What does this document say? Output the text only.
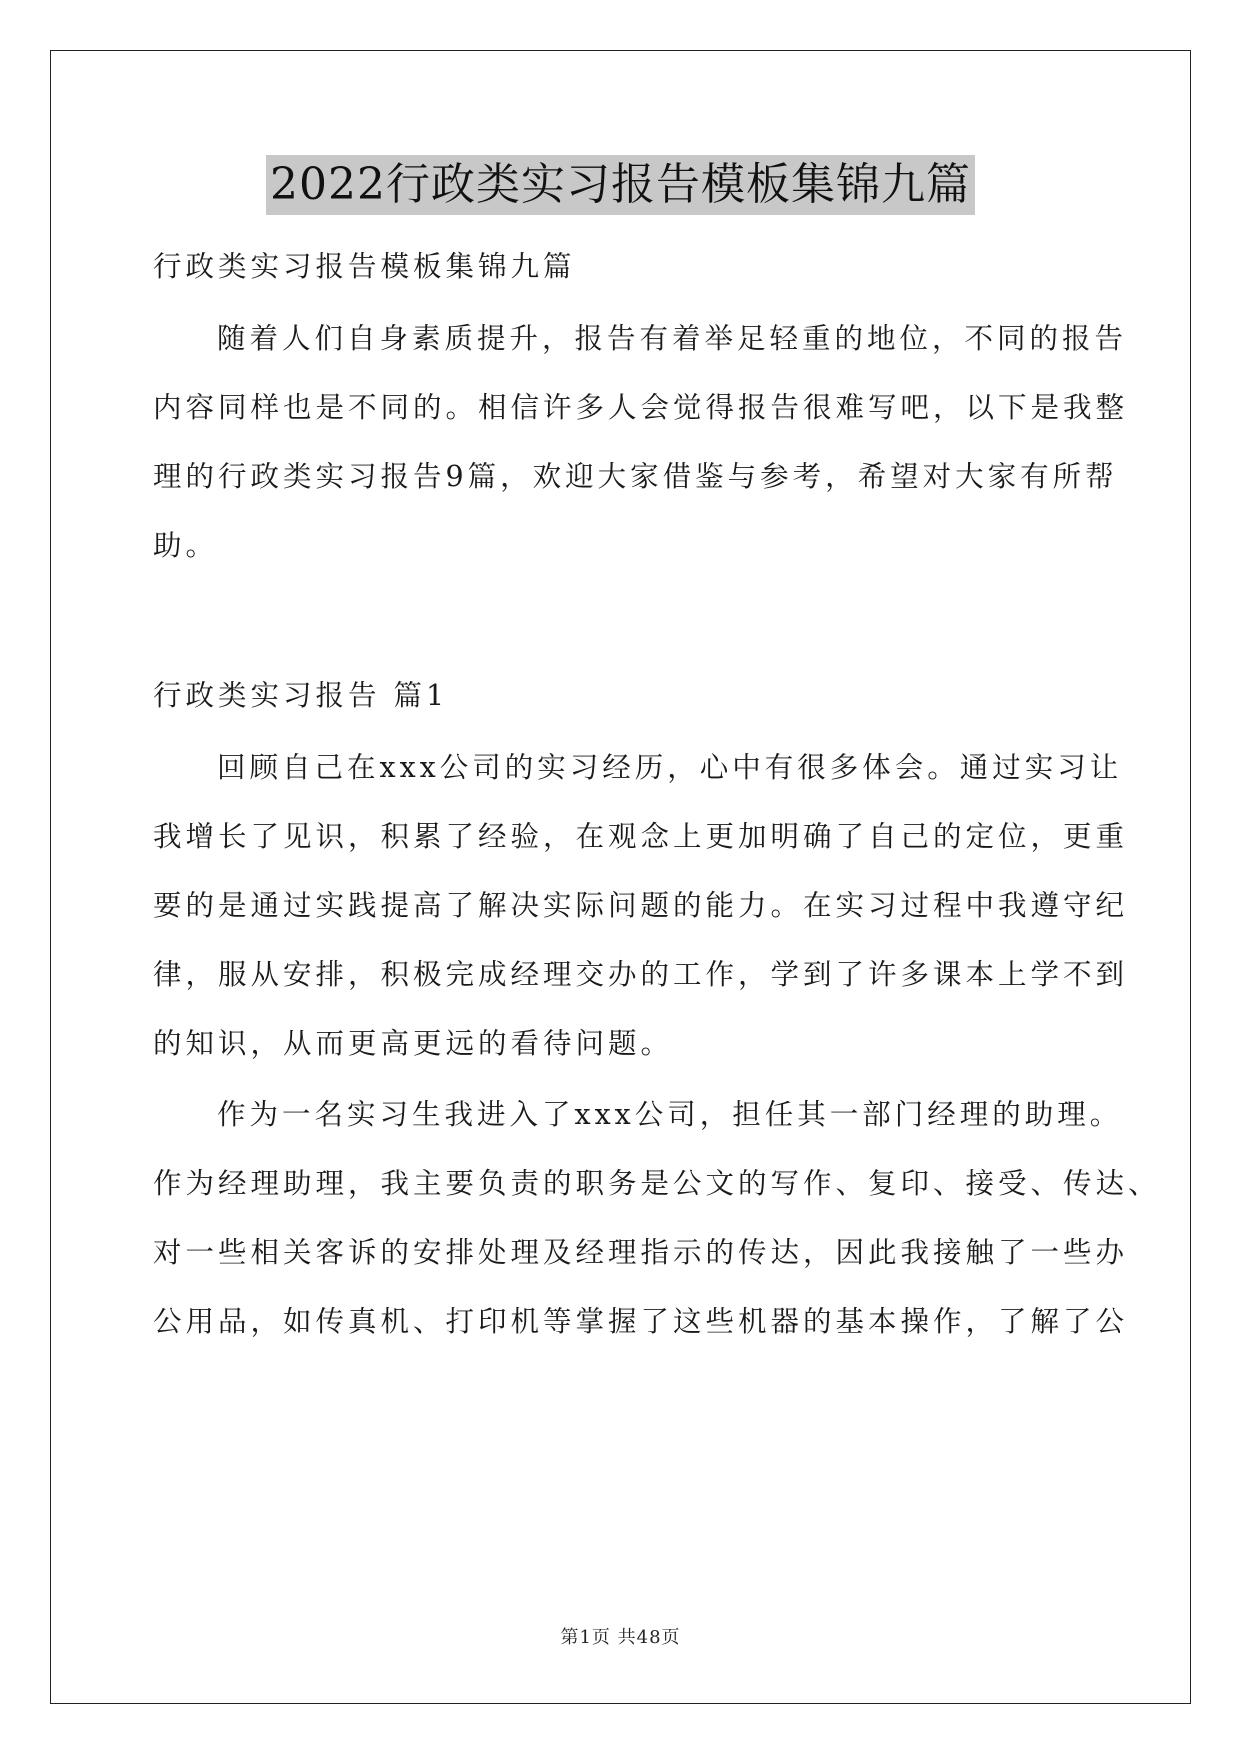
2022行政类实习报告模板集锦九篇

行政类实习报告模板集锦九篇

随着人们自身素质提升，报告有着举足轻重的地位，不同的报告

内容同样也是不同的。相信许多人会觉得报告很难写吧，以下是我整

理的行政类实习报告9篇，欢迎大家借鉴与参考，希望对大家有所帮

助。

行政类实习报告 篇1

回顾自己在xxx公司的实习经历，心中有很多体会。通过实习让

我增长了见识，积累了经验，在观念上更加明确了自己的定位，更重

要的是通过实践提高了解决实际问题的能力。在实习过程中我遵守纪

律，服从安排，积极完成经理交办的工作，学到了许多课本上学不到

的知识，从而更高更远的看待问题。

作为一名实习生我进入了xxx公司，担任其一部门经理的助理。

作为经理助理，我主要负责的职务是公文的写作、复印、接受、传达、

对一些相关客诉的安排处理及经理指示的传达，因此我接触了一些办

公用品，如传真机、打印机等掌握了这些机器的基本操作，了解了公

第1页 共48页
